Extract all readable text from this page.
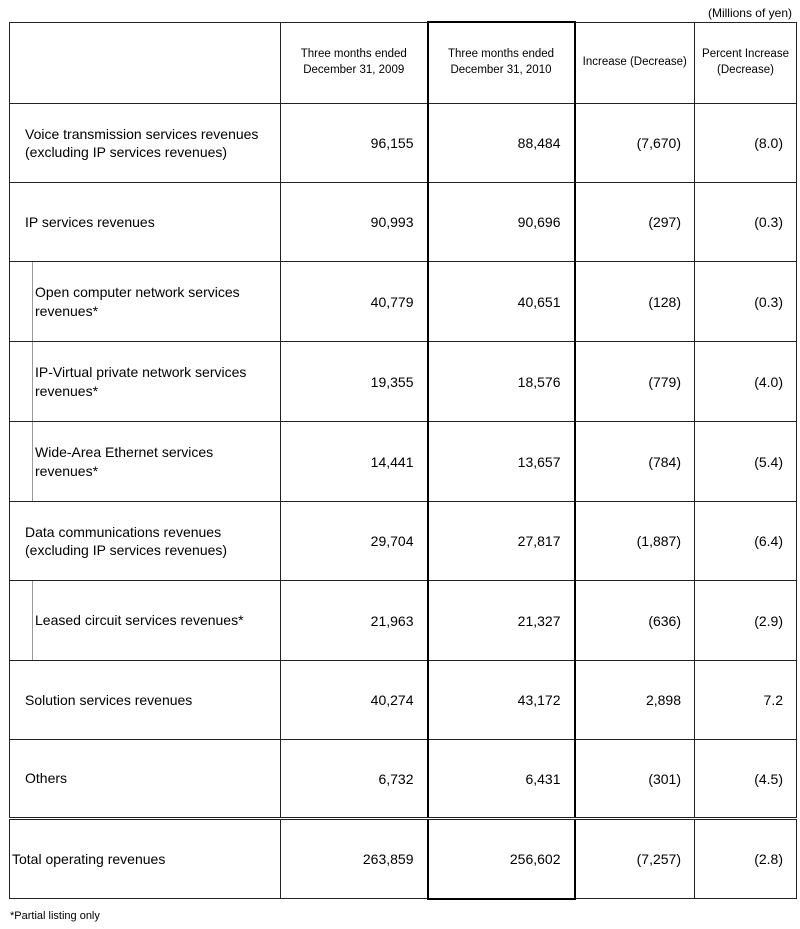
(Millions of yen)
	Three months ended December 31, 2009	Three months ended December 31, 2010	Increase (Decrease)	Percent Increase (Decrease)
Voice transmission services revenues (excluding IP services revenues)	96,155	88,484	(7,670)	(8.0)
IP services revenues	90,993	90,696	(297)	(0.3)

Open computer network services revenues*	40,779	40,651	(128)	(0.3)

IP-Virtual private network services revenues*	19,355	18,576	(779)	(4.0)

Wide-Area Ethernet services revenues*	14,441	13,657	(784)	(5.4)
Data communications revenues (excluding IP services revenues)	29,704	27,817	(1,887)	(6.4)

Leased circuit services revenues*	21,963	21,327	(636)	(2.9)
Solution services revenues	40,274	43,172	2,898	7.2
Others	6,732	6,431	(301)	(4.5)
Total operating revenues	263,859	256,602	(7,257)	(2.8)
*Partial listing only
